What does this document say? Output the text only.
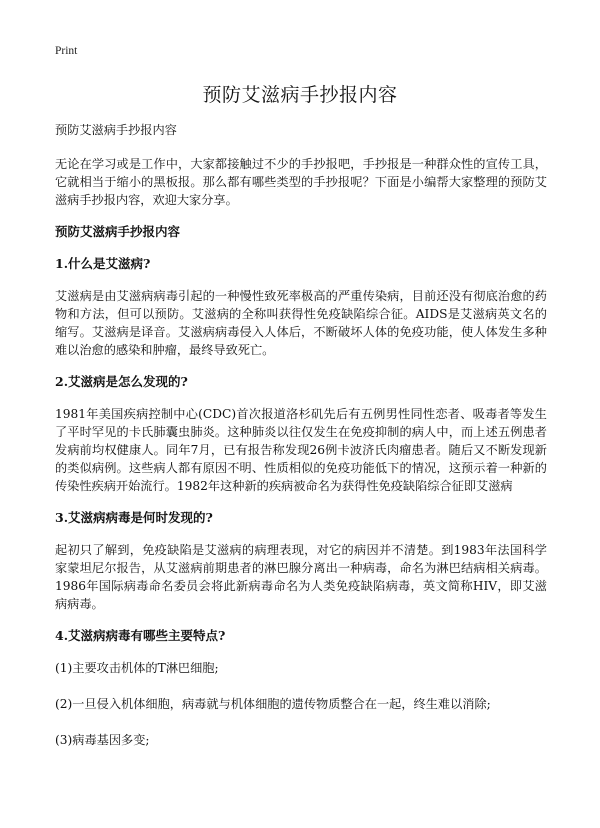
Print
预防艾滋病手抄报内容

预防艾滋病手抄报内容

无论在学习或是工作中，大家都接触过不少的手抄报吧，手抄报是一种群众性的宣传工具，它就相当于缩小的黑板报。那么都有哪些类型的手抄报呢？下面是小编帮大家整理的预防艾滋病手抄报内容，欢迎大家分享。

预防艾滋病手抄报内容

1.什么是艾滋病?

艾滋病是由艾滋病病毒引起的一种慢性致死率极高的严重传染病，目前还没有彻底治愈的药物和方法，但可以预防。艾滋病的全称叫获得性免疫缺陷综合征。AIDS是艾滋病英文名的缩写。艾滋病是译音。艾滋病病毒侵入人体后，不断破坏人体的免疫功能，使人体发生多种难以治愈的感染和肿瘤，最终导致死亡。

2.艾滋病是怎么发现的?

1981年美国疾病控制中心(CDC)首次报道洛杉矶先后有五例男性同性恋者、吸毒者等发生了平时罕见的卡氏肺囊虫肺炎。这种肺炎以往仅发生在免疫抑制的病人中，而上述五例患者发病前均权健康人。同年7月，已有报告称发现26例卡波济氏肉瘤患者。随后又不断发现新的类似病例。这些病人都有原因不明、性质相似的免疫功能低下的情况，这预示着一种新的传染性疾病开始流行。1982年这种新的疾病被命名为获得性免疫缺陷综合征即艾滋病

3.艾滋病病毒是何时发现的?

起初只了解到，免疫缺陷是艾滋病的病理表现，对它的病因并不清楚。到1983年法国科学家蒙坦尼尔报告，从艾滋病前期患者的淋巴腺分离出一种病毒，命名为淋巴结病相关病毒。1986年国际病毒命名委员会将此新病毒命名为人类免疫缺陷病毒，英文简称HIV，即艾滋病病毒。

4.艾滋病病毒有哪些主要特点?

(1)主要攻击机体的T淋巴细胞;

(2)一旦侵入机体细胞，病毒就与机体细胞的遗传物质整合在一起，终生难以消除;

(3)病毒基因多变;
